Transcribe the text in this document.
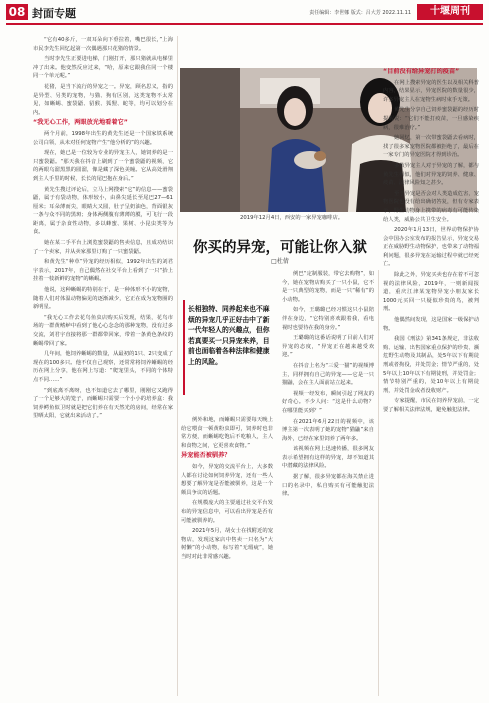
08 封面专题	责任编辑：李世娜 版式：吕大芳 2022.11.11	十堰周刊

“它有40多斤，一双耳朵向下垂拉着，嘴巴很长，”上海市民李先生回忆起第一次偶遇那只花猪的情景。

当时李先生正要进电梯，门刚打开，那只猪就从电梯里冲了出来。他变然反应过来，“哈，原来它跟我住同一个楼同一个单元呢。”

花猪，是当下流行的异宠之一。异宠，顾名思义，指的是异型、另类的宠物，与猫、狗有区别，这类宠物不太常见，如蜥蜴、蜜袋鼯、貂猴、狐狸、蛇等，均可以划分在内。

“我无心工作，两眼放光地看着它”

两个月前，1998年出生的黄先生还是一个国家铁系统公司白领，从未对任何宠物产生“他分析的”的兴趣。

现在，她已是一位较为专业的异宠主人，她饲养的是一只蜜袋鼯。“那天我在抖音上刷到了一个蜜袋鼯的视频，它的两眼乌溜黑黑的圆溜，像是藏了深色美瞳。它从高处滑翔到主人手里的时候，长长的尾巴抱在身后。”

黄先生搜过评论后，立马上网搜索“它”的信息——蜜袋鼯，属于有袋动物，体形较小，由鼻尖延长至尾巴27—61厘米；耳朵薄而尖，眼睛大又圆，肚子呈奶油色，背面银灰一条与众不同的黑斑；身体两侧腹有薄薄的膜，可飞行一段距离，属于杂食性动物，多以蜂蜜、果树、小昆虫类等为食。

她在某二手平台上浏览蜜袋鼯的售卖信息，且成功结识了一个卖家，并从卖家那里订购了一只蜜袋鼯。

和黄先生“种草”异宠的经历相似，1992年出生的刘君宇表示，2017年，自己偶然在社交平台上看到了一只“抬上挂着一枝新鲜的宠物”的蜥蜴。

他说，这种蜥蜴的特别在于，是一种体形不小的宠物，随着人们对体温动物偏见的逐渐减少，它正在成为宠物圈的新明星。

“我无心工作去花鸟鱼虫店购买后发现，结果，花鸟市场的一群黄鳍鲈中看到了他心心念念的那种宠物，没有过多交流，刘君宇直接将那一群都带回家，带着一条黄色条纹的蜥蜴带回了家。

几年间，他饲养蜥蜴的数量，从最初的1只、2只变成了现在的100多只。他不仅自己观察，还常常将饲养蜥蜴的经历在网上分享，他在网上写道：“爬宠里头，不同的个体特点不同……”

“到底离不离呀，也不知道它去了哪里，刚刚它又跑得了一个足够大的笼子，而蜥蜴只需要一个小小的培养盒：我饲养鳄鱼似卫时就是把它们养在有天然光的房间，经常在家里晒太阳，它就出来活动了。”

2019年12月4日，西安的一家异宠咖啡店。
你买的异宠，可能让你入狱
□杜倩
长相独特、同养起来也不麻烦的异宠几乎正好击中了新一代年轻人的兴趣点，但你若真要买一只异宠来养，目前也面临着各种法律和健康上的风险。

例外和地，而蜥蜴只需要每天晚上给它喂食一顿黄粉虫即可，饲养时也非常方便，而蜥蜴吃饱后不吃粮人，主人和食物之间，它更喜欢食物。”

异宠能否被驯养？

如今，异宠的交流平台上，大多数人都在讨论如何饲养异宠，还有一些人想要了解异宠是否能被驯养，这是一个颇具争议的话题。

在规模庞大的主要通过社交平台发布的异宠信息中，可以看出异宠是否有可能被驯养的。

2021年5月，胡女士在找附近的宠物店，发现这家店中售卖一只名为“大树懒”的小动物，标写着“无瑕疵”，她当时对此非常感兴趣。

例巴“定制服装，带它去购物”，如今，她在宠物店购买了一只小鼠，它不是一只典型的宠物，而是一只“稀有”的小动物。

如今，王璐璐已经习惯这只小鼠陪伴在身边，“它特别喜欢跟着我，看电视时也要待在我的身旁。”

王璐璐的这番话说明了目前人们对异宠的态度，“异宠正在越来越受欢迎。”

在抖音上名为“三爱一猫”的视频博主，同样拥有自己的异宠——它是一只猫鼬，会在主人面前站立起来。

视频一经发布，瞬间引起了网友的好奇心。不少人问：“这是什么动物？在哪里能买到？”

在2021年6月22日的视频中，该博主第一次表明了她的宠物“猫鼬”来自海外，已经在家里饲养了两年多。

该视频在网上迅速传播，很多网友表示希望拥有这样的异宠，却不知道其中潜藏的法律风险。

据了解，很多异宠都在海关禁止进口的名录中，私自购买有可能触犯法律。

“目前没有给异宠打的疫苗”

在网上搜索异宠的医生以及相关科普内容，结果显示，异宠医院的数量很少，许多异宠主人在宠物生病时束手无策。

黄先生分享自己饲养蜜袋鼯的经历时提醒说：“它们不能打疫苗，一旦感染疾病，很难治疗。”

她回忆，第一次带蜜袋鼯去看病时，找了很多家宠物医院都被拒绝了，最后在一家专门的异宠医院才得到诊治。

多数异宠主人对于异宠的了解，都与黄先生相似，他们对异宠的饲养、健康、疫苗、法律风险知之甚少。

至于异宠是否会对人类造成危害，宠物医院也没有给出确切答复，但有专家表示，野生动物身上携带的病毒有可能传染给人类，威胁公共卫生安全。

2020年1月13日，世界动物保护协会中国办公室发布的报告显示，异宠交易正在威胁野生动物保护，也带来了动物福利问题，很多异宠在运输过程中就已经死亡。

除此之外，异宠买卖也存在着不可忽视的法律风险，2019年，一则新闻报道，重庆江津某宠物异宠小朋友家长1000元买回一只疑似珍贵的鸟，被判刑。

他偶然间发现，这是国家一级保护动物。

我国《刑法》第341条规定，非法收购、运输、出售国家重点保护的珍贵、濒危野生动物及其制品，处5年以下有期徒刑或者拘役，并处罚金；情节严重的，处5年以上10年以下有期徒刑，并处罚金；情节特别严重的，处10年以上有期徒刑，并处罚金或者没收财产。

专家提醒，市民在饲养异宠前，一定要了解相关法律法规，避免触犯法律。
